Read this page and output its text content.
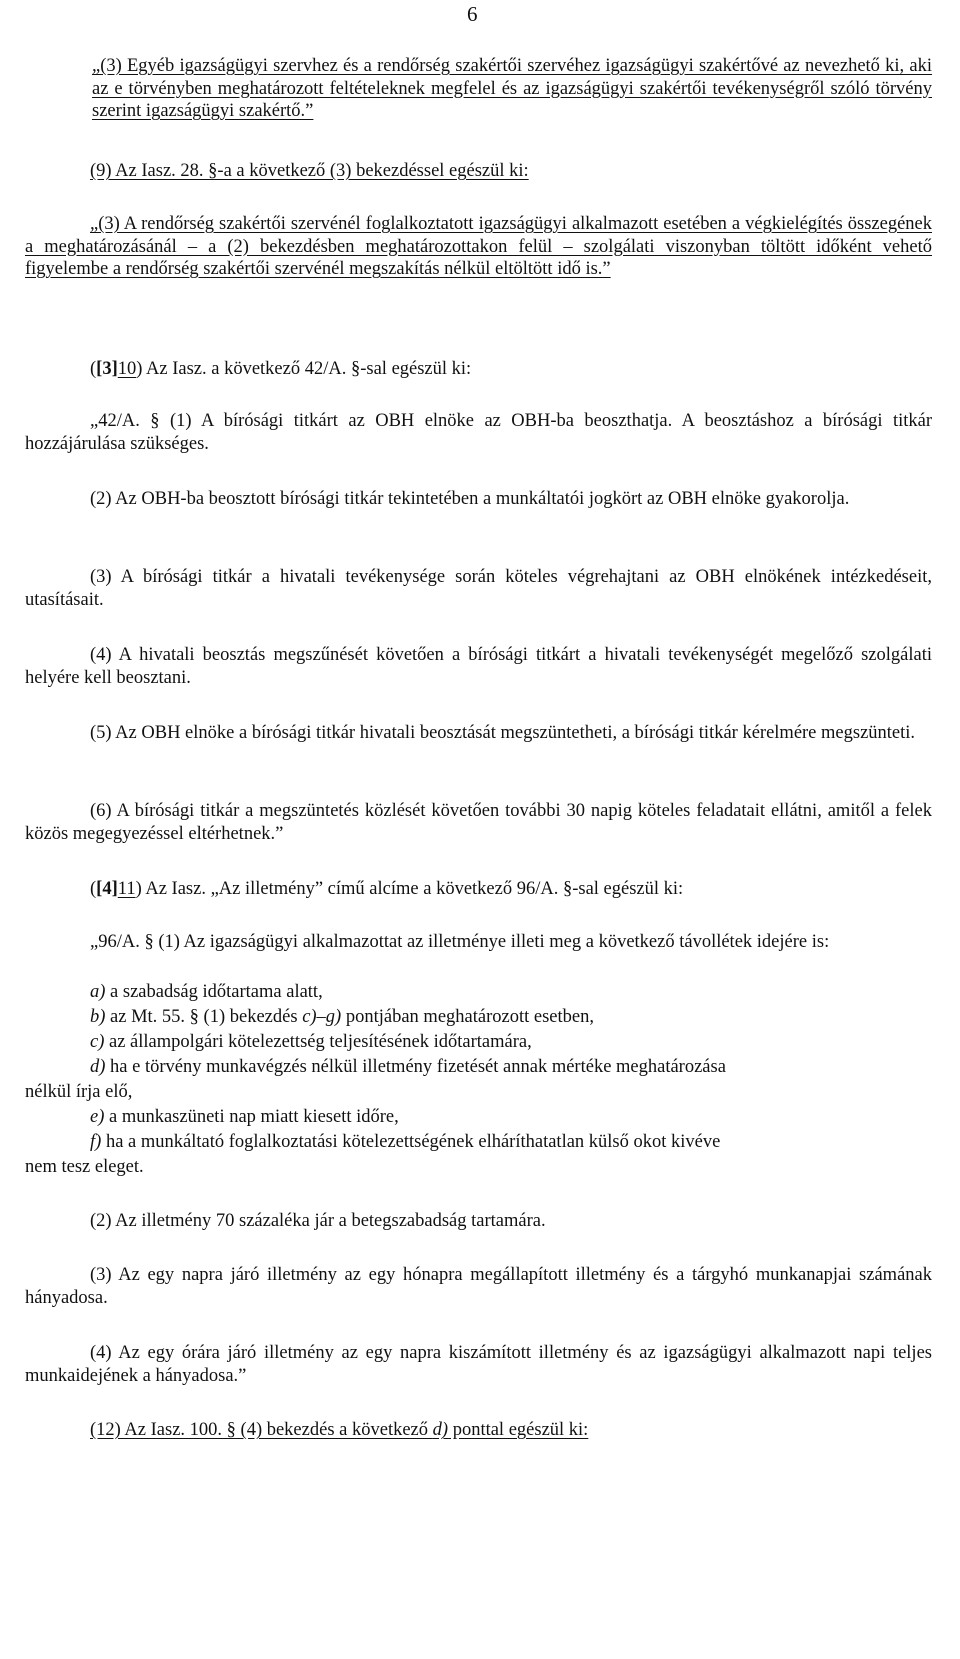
6
„(3) Egyéb igazságügyi szervhez és a rendőrség szakértői szervéhez igazságügyi szakértővé az nevezhető ki, aki az e törvényben meghatározott feltételeknek megfelel és az igazságügyi szakértői tevékenységről szóló törvény szerint igazságügyi szakértő.”
(9) Az Iasz. 28. §-a a következő (3) bekezdéssel egészül ki:
„(3) A rendőrség szakértői szervénél foglalkoztatott igazságügyi alkalmazott esetében a végkielégítés összegének a meghatározásánál – a (2) bekezdésben meghatározottakon felül – szolgálati viszonyban töltött időként vehető figyelembe a rendőrség szakértői szervénél megszakítás nélkül eltöltött idő is.”
([3]10) Az Iasz. a következő 42/A. §-sal egészül ki:
„42/A. § (1) A bírósági titkárt az OBH elnöke az OBH-ba beoszthatja. A beosztáshoz a bírósági titkár hozzájárulása szükséges.
(2) Az OBH-ba beosztott bírósági titkár tekintetében a munkáltatói jogkört az OBH elnöke gyakorolja.
(3) A bírósági titkár a hivatali tevékenysége során köteles végrehajtani az OBH elnökének intézkedéseit, utasításait.
(4) A hivatali beosztás megszűnését követően a bírósági titkárt a hivatali tevékenységét megelőző szolgálati helyére kell beosztani.
(5) Az OBH elnöke a bírósági titkár hivatali beosztását megszüntetheti, a bírósági titkár kérelmére megszünteti.
(6) A bírósági titkár a megszüntetés közlését követően további 30 napig köteles feladatait ellátni, amitől a felek közös megegyezéssel eltérhetnek.”
([4]11) Az Iasz. „Az illetmény” című alcíme a következő 96/A. §-sal egészül ki:
„96/A. § (1) Az igazságügyi alkalmazottat az illetménye illeti meg a következő távollétek idejére is:
a) a szabadság időtartama alatt,
b) az Mt. 55. § (1) bekezdés c)–g) pontjában meghatározott esetben,
c) az állampolgári kötelezettség teljesítésének időtartamára,
d) ha e törvény munkavégzés nélkül illetmény fizetését annak mértéke meghatározása
nélkül írja elő,
e) a munkaszüneti nap miatt kiesett időre,
f) ha a munkáltató foglalkoztatási kötelezettségének elháríthatatlan külső okot kivéve
nem tesz eleget.
(2) Az illetmény 70 százaléka jár a betegszabadság tartamára.
(3) Az egy napra járó illetmény az egy hónapra megállapított illetmény és a tárgyhó munkanapjai számának hányadosa.
(4) Az egy órára járó illetmény az egy napra kiszámított illetmény és az igazságügyi alkalmazott napi teljes munkaidejének a hányadosa.”
(12) Az Iasz. 100. § (4) bekezdés a következő d) ponttal egészül ki:
